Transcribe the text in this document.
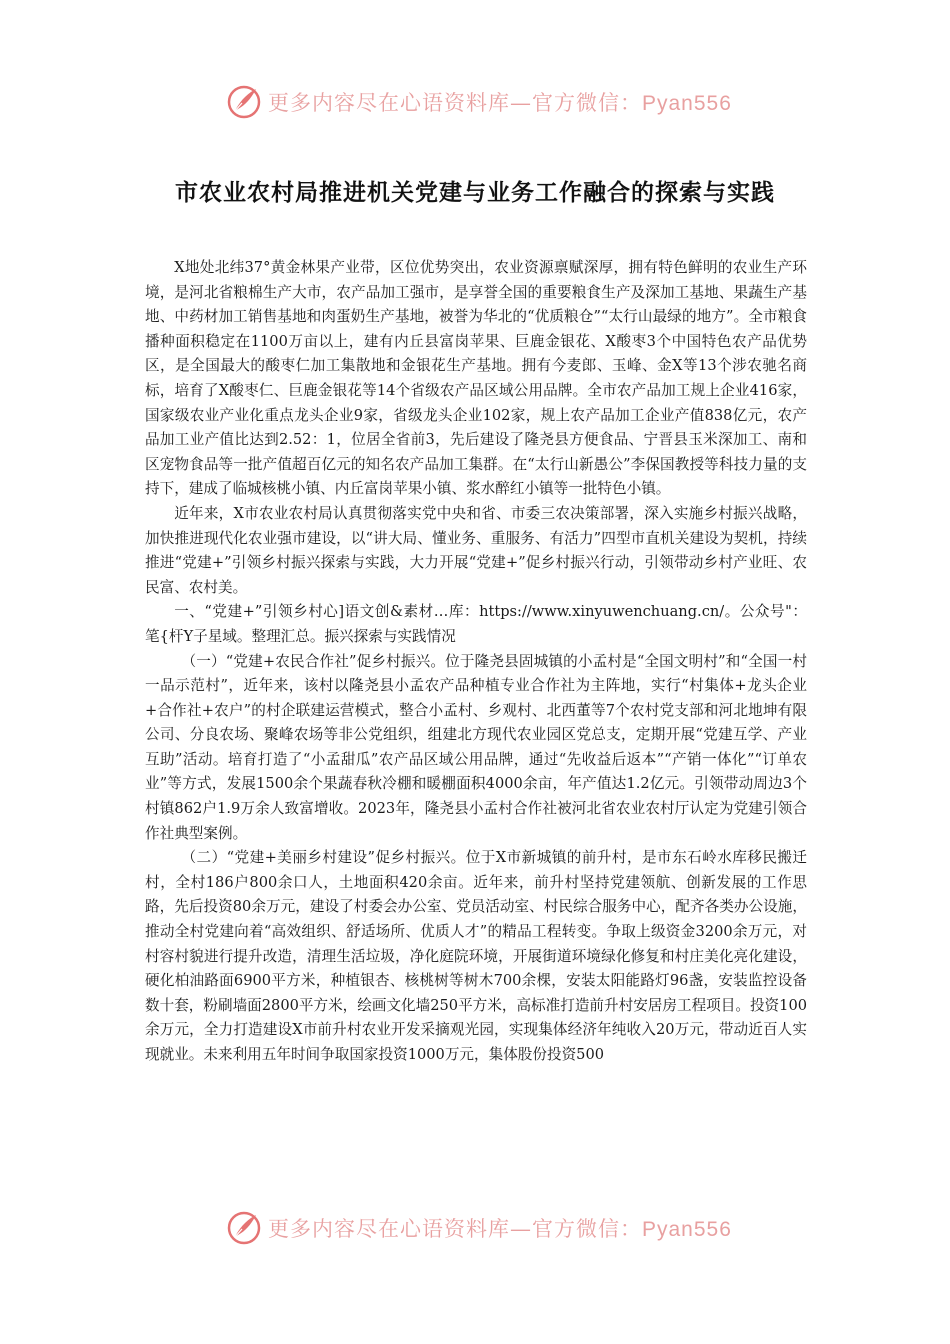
更多内容尽在心语资料库—官方微信：Pyan556
市农业农村局推进机关党建与业务工作融合的探索与实践

X地处北纬37°黄金林果产业带，区位优势突出，农业资源禀赋深厚，拥有特色鲜明的农业生产环境，是河北省粮棉生产大市，农产品加工强市，是享誉全国的重要粮食生产及深加工基地、果蔬生产基地、中药材加工销售基地和肉蛋奶生产基地，被誉为华北的“优质粮仓”“太行山最绿的地方”。全市粮食播种面积稳定在1100万亩以上，建有内丘县富岗苹果、巨鹿金银花、X酸枣3个中国特色农产品优势区，是全国最大的酸枣仁加工集散地和金银花生产基地。拥有今麦郎、玉峰、金X等13个涉农驰名商标，培育了X酸枣仁、巨鹿金银花等14个省级农产品区域公用品牌。全市农产品加工规上企业416家，国家级农业产业化重点龙头企业9家，省级龙头企业102家，规上农产品加工企业产值838亿元，农产品加工业产值比达到2.52：1，位居全省前3，先后建设了隆尧县方便食品、宁晋县玉米深加工、南和区宠物食品等一批产值超百亿元的知名农产品加工集群。在“太行山新愚公”李保国教授等科技力量的支持下，建成了临城核桃小镇、内丘富岗苹果小镇、浆水醉红小镇等一批特色小镇。

近年来，X市农业农村局认真贯彻落实党中央和省、市委三农决策部署，深入实施乡村振兴战略，加快推进现代化农业强市建设，以“讲大局、懂业务、重服务、有活力”四型市直机关建设为契机，持续推进“党建+”引领乡村振兴探索与实践，大力开展“党建+”促乡村振兴行动，引领带动乡村产业旺、农民富、农村美。

一、“党建+”引领乡村心]语文创&素材…库：https://www.xinyuwenchuang.cn/。公众号"：笔{杆Y子星域。整理汇总。振兴探索与实践情况

（一）“党建+农民合作社”促乡村振兴。位于隆尧县固城镇的小孟村是“全国文明村”和“全国一村一品示范村”，近年来，该村以隆尧县小孟农产品种植专业合作社为主阵地，实行“村集体+龙头企业+合作社+农户”的村企联建运营模式，整合小孟村、乡观村、北西董等7个农村党支部和河北地坤有限公司、分良农场、聚峰农场等非公党组织，组建北方现代农业园区党总支，定期开展“党建互学、产业互助”活动。培育打造了“小孟甜瓜”农产品区域公用品牌，通过“先收益后返本”“产销一体化”“订单农业”等方式，发展1500余个果蔬春秋冷棚和暖棚面积4000余亩，年产值达1.2亿元。引领带动周边3个村镇862户1.9万余人致富增收。2023年，隆尧县小孟村合作社被河北省农业农村厅认定为党建引领合作社典型案例。

（二）“党建+美丽乡村建设”促乡村振兴。位于X市新城镇的前升村，是市东石岭水库移民搬迁村，全村186户800余口人，土地面积420余亩。近年来，前升村坚持党建领航、创新发展的工作思路，先后投资80余万元，建设了村委会办公室、党员活动室、村民综合服务中心，配齐各类办公设施，推动全村党建向着“高效组织、舒适场所、优质人才”的精品工程转变。争取上级资金3200余万元，对村容村貌进行提升改造，清理生活垃圾，净化庭院环境，开展街道环境绿化修复和村庄美化亮化建设，硬化柏油路面6900平方米，种植银杏、核桃树等树木700余棵，安装太阳能路灯96盏，安装监控设备数十套，粉刷墙面2800平方米，绘画文化墙250平方米，高标准打造前升村安居房工程项目。投资100余万元，全力打造建设X市前升村农业开发采摘观光园，实现集体经济年纯收入20万元，带动近百人实现就业。未来利用五年时间争取国家投资1000万元，集体股份投资500

更多内容尽在心语资料库—官方微信：Pyan556
